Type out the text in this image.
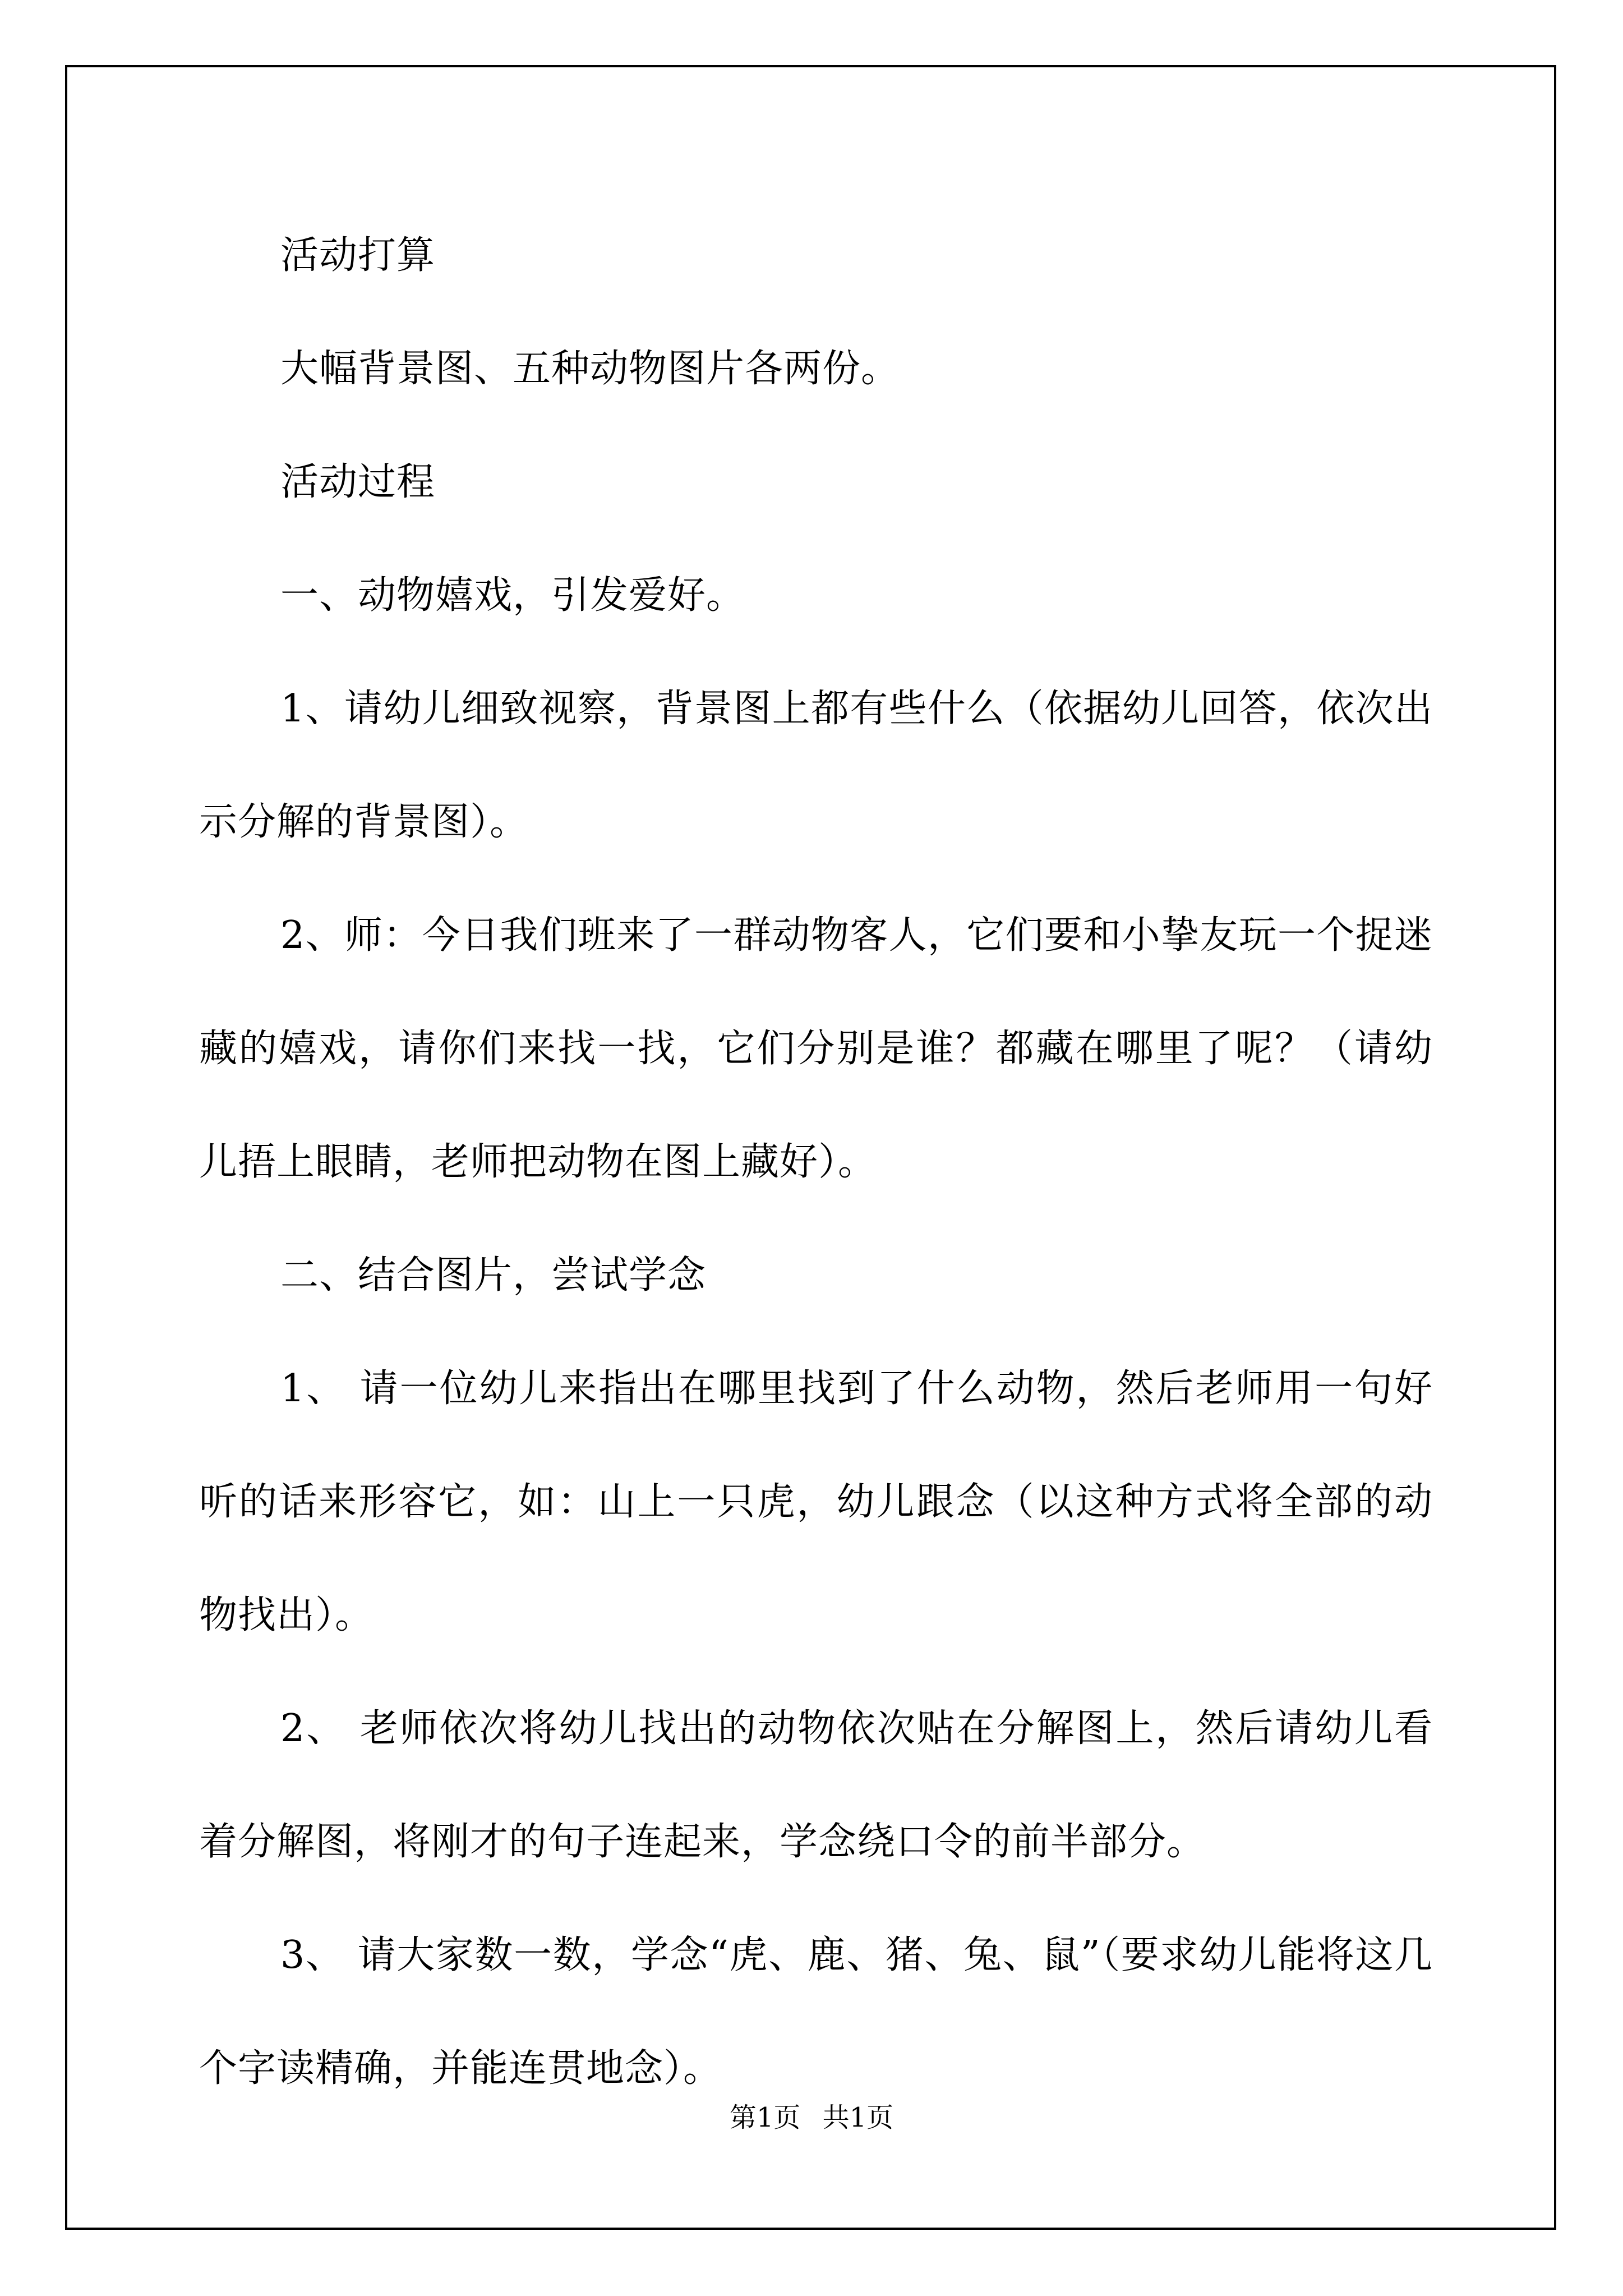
活动打算

大幅背景图、五种动物图片各两份。

活动过程

一、动物嬉戏，引发爱好。

1、请幼儿细致视察，背景图上都有些什么（依据幼儿回答，依次出示分解的背景图）。

2、师：今日我们班来了一群动物客人，它们要和小挚友玩一个捉迷藏的嬉戏，请你们来找一找，它们分别是谁？都藏在哪里了呢？（请幼儿捂上眼睛，老师把动物在图上藏好）。

二、结合图片，尝试学念

1、 请一位幼儿来指出在哪里找到了什么动物，然后老师用一句好听的话来形容它，如：山上一只虎，幼儿跟念（以这种方式将全部的动物找出）。

2、 老师依次将幼儿找出的动物依次贴在分解图上，然后请幼儿看着分解图，将刚才的句子连起来，学念绕口令的前半部分。

3、 请大家数一数，学念“虎、鹿、猪、兔、鼠”（要求幼儿能将这几个字读精确，并能连贯地念）。

第1页 共1页
